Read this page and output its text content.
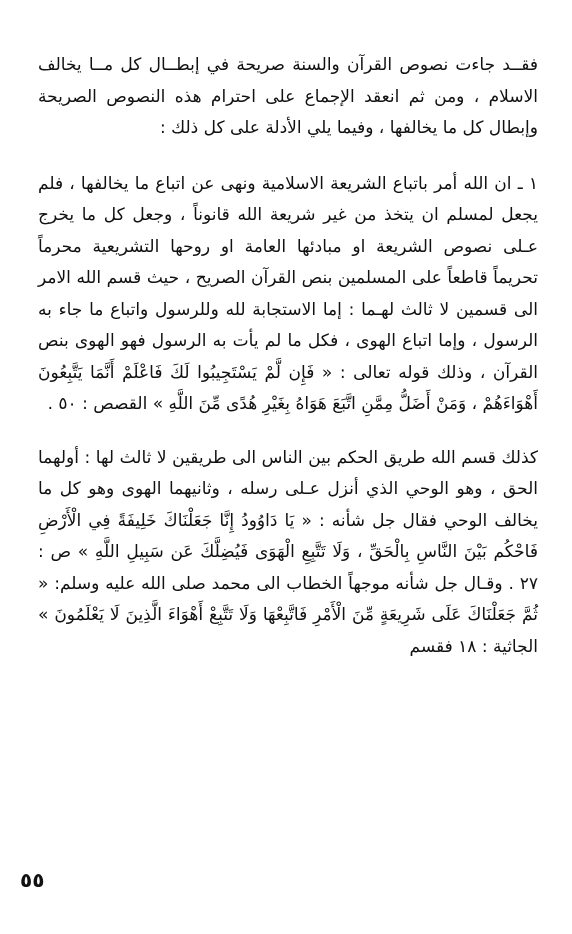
فقــد جاءت نصوص القرآن والسنة صريحة في إبطــال كل مــا يخالف الاسلام ، ومن ثم انعقد الإجماع على احترام هذه النصوص الصريحة وإبطال كل ما يخالفها ، وفيما يلي الأدلة على كل ذلك :

١ ـ ان الله أمر باتباع الشريعة الاسلامية ونهى عن اتباع ما يخالفها ، فلم يجعل لمسلم ان يتخذ من غير شريعة الله قانوناً ، وجعل كل ما يخرج عـلى نصوص الشريعة او مبادئها العامة او روحها التشريعية محرماً تحريماً قاطعاً على المسلمين بنص القرآن الصريح ، حيث قسم الله الامر الى قسمين لا ثالث لهـما : إما الاستجابة لله وللرسول واتباع ما جاء به الرسول ، وإما اتباع الهوى ، فكل ما لم يأت به الرسول فهو الهوى بنص القرآن ، وذلك قوله تعالى : « فَإِن لَّمْ يَسْتَجِيبُوا لَكَ فَاعْلَمْ أَنَّمَا يَتَّبِعُونَ أَهْوَاءَهُمْ ، وَمَنْ أَضَلُّ مِمَّنِ اتَّبَعَ هَوَاهُ بِغَيْرِ هُدًى مِّنَ اللَّهِ » القصص : ٥٠ .

كذلك قسم الله طريق الحكم بين الناس الى طريقين لا ثالث لها : أولهما الحق ، وهو الوحي الذي أنزل عـلى رسله ، وثانيهما الهوى وهو كل ما يخالف الوحي فقال جل شأنه : « يَا دَاوُودُ إِنَّا جَعَلْنَاكَ خَلِيفَةً فِي الْأَرْضِ فَاحْكُم بَيْنَ النَّاسِ بِالْحَقِّ ، وَلَا تَتَّبِعِ الْهَوَى فَيُضِلَّكَ عَن سَبِيلِ اللَّهِ » ص : ٢٧ . وقـال جل شأنه موجهاً الخطاب الى محمد صلى الله عليه وسلم: « ثُمَّ جَعَلْنَاكَ عَلَى شَرِيعَةٍ مِّنَ الْأَمْرِ فَاتَّبِعْهَا وَلَا تَتَّبِعْ أَهْوَاءَ الَّذِينَ لَا يَعْلَمُونَ » الجاثية : ١٨ فقسم

٥٥
